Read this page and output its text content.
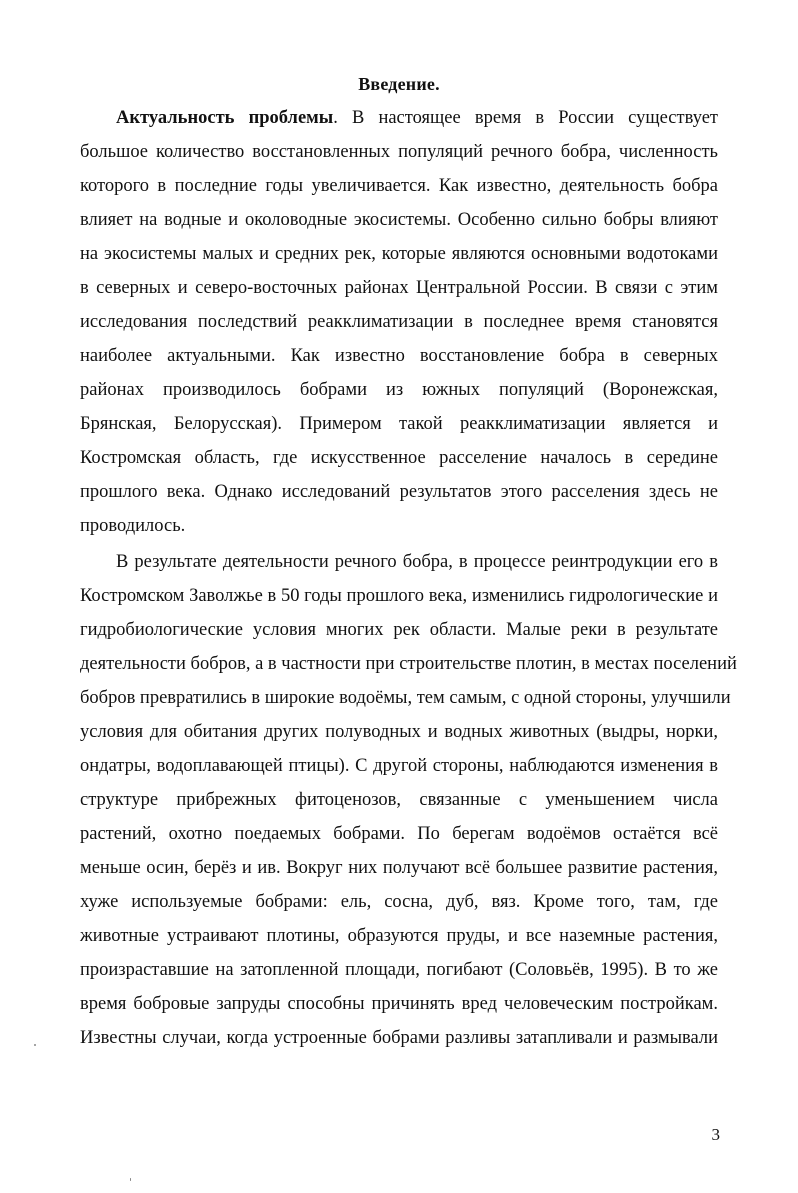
Введение.
Актуальность проблемы. В настоящее время в России существует
большое количество восстановленных популяций речного бобра, численность
которого в последние годы увеличивается. Как известно, деятельность бобра
влияет на водные и околоводные экосистемы. Особенно сильно бобры влияют
на экосистемы малых и средних рек, которые являются основными водотоками
в северных и северо-восточных районах Центральной России. В связи с этим
исследования последствий реакклиматизации в последнее время становятся
наиболее актуальными. Как известно восстановление бобра в северных
районах производилось бобрами из южных популяций (Воронежская,
Брянская, Белорусская). Примером такой реакклиматизации является и
Костромская область, где искусственное расселение началось в середине
прошлого века. Однако исследований результатов этого расселения здесь не
проводилось.
В результате деятельности речного бобра, в процессе реинтродукции его в
Костромском Заволжье в 50 годы прошлого века, изменились гидрологические и
гидробиологические условия многих рек области. Малые реки в результате
деятельности бобров, а в частности при строительстве плотин, в местах поселений
бобров превратились в широкие водоёмы, тем самым, с одной стороны, улучшили
условия для обитания других полуводных и водных животных (выдры, норки,
ондатры, водоплавающей птицы). С другой стороны, наблюдаются изменения в
структуре прибрежных фитоценозов, связанные с уменьшением числа
растений, охотно поедаемых бобрами. По берегам водоёмов остаётся всё
меньше осин, берёз и ив. Вокруг них получают всё большее развитие растения,
хуже используемые бобрами: ель, сосна, дуб, вяз. Кроме того, там, где
животные устраивают плотины, образуются пруды, и все наземные растения,
произраставшие на затопленной площади, погибают (Соловьёв, 1995). В то же
время бобровые запруды способны причинять вред человеческим постройкам.
Известны случаи, когда устроенные бобрами разливы затапливали и размывали
3
